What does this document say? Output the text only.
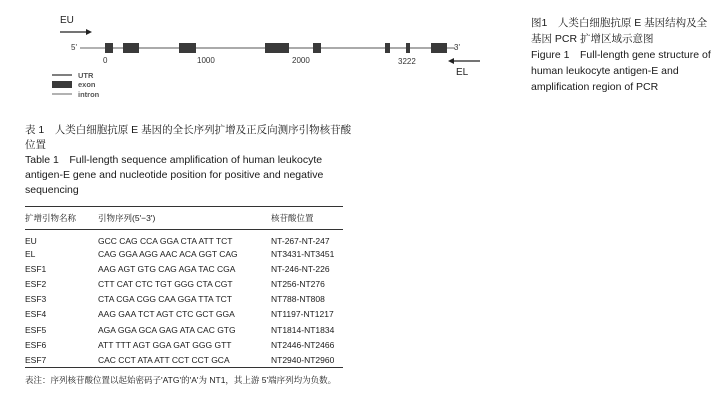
EU
EL
5'	3'
0	1000	2000	3222
UTR
exon
intron
图1　人类白细胞抗原 E 基因结构及全基因 PCR 扩增区域示意图
Figure 1　Full-length gene structure of human leukocyte antigen-E and amplification region of PCR
表 1　人类白细胞抗原 E 基因的全长序列扩增及正反向测序引物核苷酸位置
Table 1　Full-length sequence amplification of human leukocyte antigen-E gene and nucleotide position for positive and negative sequencing
扩增引物名称	引物序列(5'−3')	核苷酸位置
EU	GCC CAG CCA GGA CTA ATT TCT	NT-267-NT-247
EL	CAG GGA AGG AAC ACA GGT CAG	NT3431-NT3451
ESF1	AAG AGT GTG CAG AGA TAC CGA	NT-246-NT-226
ESF2	CTT CAT CTC TGT GGG CTA CGT	NT256-NT276
ESF3	CTA CGA CGG CAA GGA TTA TCT	NT788-NT808
ESF4	AAG GAA TCT AGT CTC GCT GGA	NT1197-NT1217
ESF5	AGA GGA GCA GAG ATA CAC GTG	NT1814-NT1834
ESF6	ATT TTT AGT GGA GAT GGG GTT	NT2446-NT2466
ESF7	CAC CCT ATA ATT CCT CCT GCA	NT2940-NT2960
表注：序列核苷酸位置以起始密码子'ATG'的'A'为 NT1，其上游 5'端序列均为负数。
